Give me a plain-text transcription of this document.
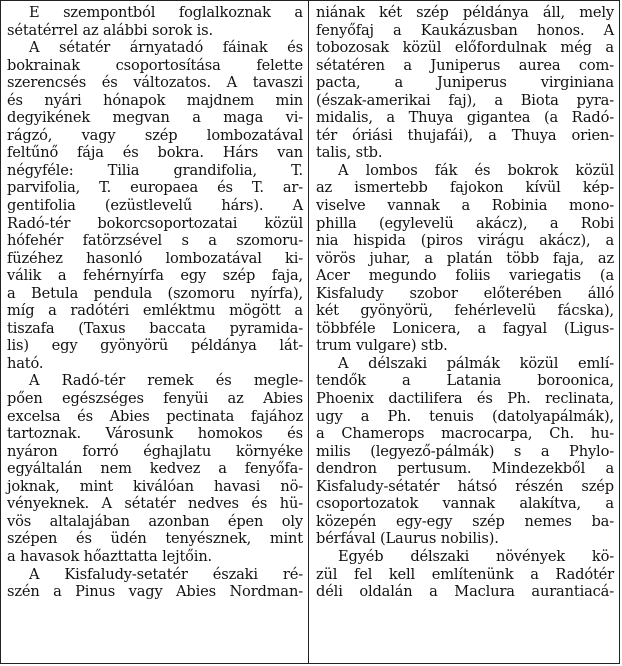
E szempontból foglalkoznak a
sétatérrel az alábbi sorok is.
A sétatér árnyatadó fáinak és
bokrainak csoportosítása felette
szerencsés és változatos. A tavaszi
és nyári hónapok majdnem min
degyikének megvan a maga vi-
rágzó, vagy szép lombozatával
feltűnő fája és bokra. Hárs van
négyféle: Tilia grandifolia, T.
parvifolia, T. europaea és T. ar-
gentifolia (ezüstlevelű hárs). A
Radó-tér bokorcsoportozatai közül
hófehér fatörzsével s a szomoru-
füzéhez hasonló lombozatával ki-
válik a fehérnyírfa egy szép faja,
a Betula pendula (szomoru nyírfa),
míg a radótéri emléktmu mögött a
tiszafa (Taxus baccata pyramida-
lis) egy gyönyörü példánya lát-
ható.
A Radó-tér remek és megle-
pően egészséges fenyüi az Abies
excelsa és Abies pectinata fajához
tartoznak. Városunk homokos és
nyáron forró éghajlatu környéke
egyáltalán nem kedvez a fenyőfa-
joknak, mint kiválóan havasi nö-
vényeknek. A sétatér nedves és hü-
vös altalajában azonban épen oly
szépen és üdén tenyésznek, mint
a havasok hőazttatta lejtőin.
A Kisfaludy-setatér északi ré-
szén a Pinus vagy Abies Nordman-
niának két szép példánya áll, mely
fenyőfaj a Kaukázusban honos. A
tobozosak közül előfordulnak még a
sétatéren a Juniperus aurea com-
pacta, a Juniperus virginiana
(észak-amerikai faj), a Biota pyra-
midalis, a Thuya gigantea (a Radó-
tér óriási thujafái), a Thuya orien-
talis, stb.
A lombos fák és bokrok közül
az ismertebb fajokon kívül kép-
viselve vannak a Robinia mono-
philla (egylevelü akácz), a Robi
nia hispida (piros virágu akácz), a
vörös juhar, a platán több faja, az
Acer megundo foliis variegatis (a
Kisfaludy szobor előterében álló
két gyönyörü, fehérlevelü fácska),
többféle Lonicera, a fagyal (Ligus-
trum vulgare) stb.
A délszaki pálmák közül emlí-
tendők a Latania boroonica,
Phoenix dactilifera és Ph. reclinata,
ugy a Ph. tenuis (datolyapálmák),
a Chamerops macrocarpa, Ch. hu-
milis (legyező-pálmák) s a Phylo-
dendron pertusum. Mindezekből a
Kisfaludy-sétatér hátsó részén szép
csoportozatok vannak alakítva, a
közepén egy-egy szép nemes ba-
bérfával (Laurus nobilis).
Egyéb délszaki növények kö-
zül fel kell említenünk a Radótér
déli oldalán a Maclura aurantiacá-
